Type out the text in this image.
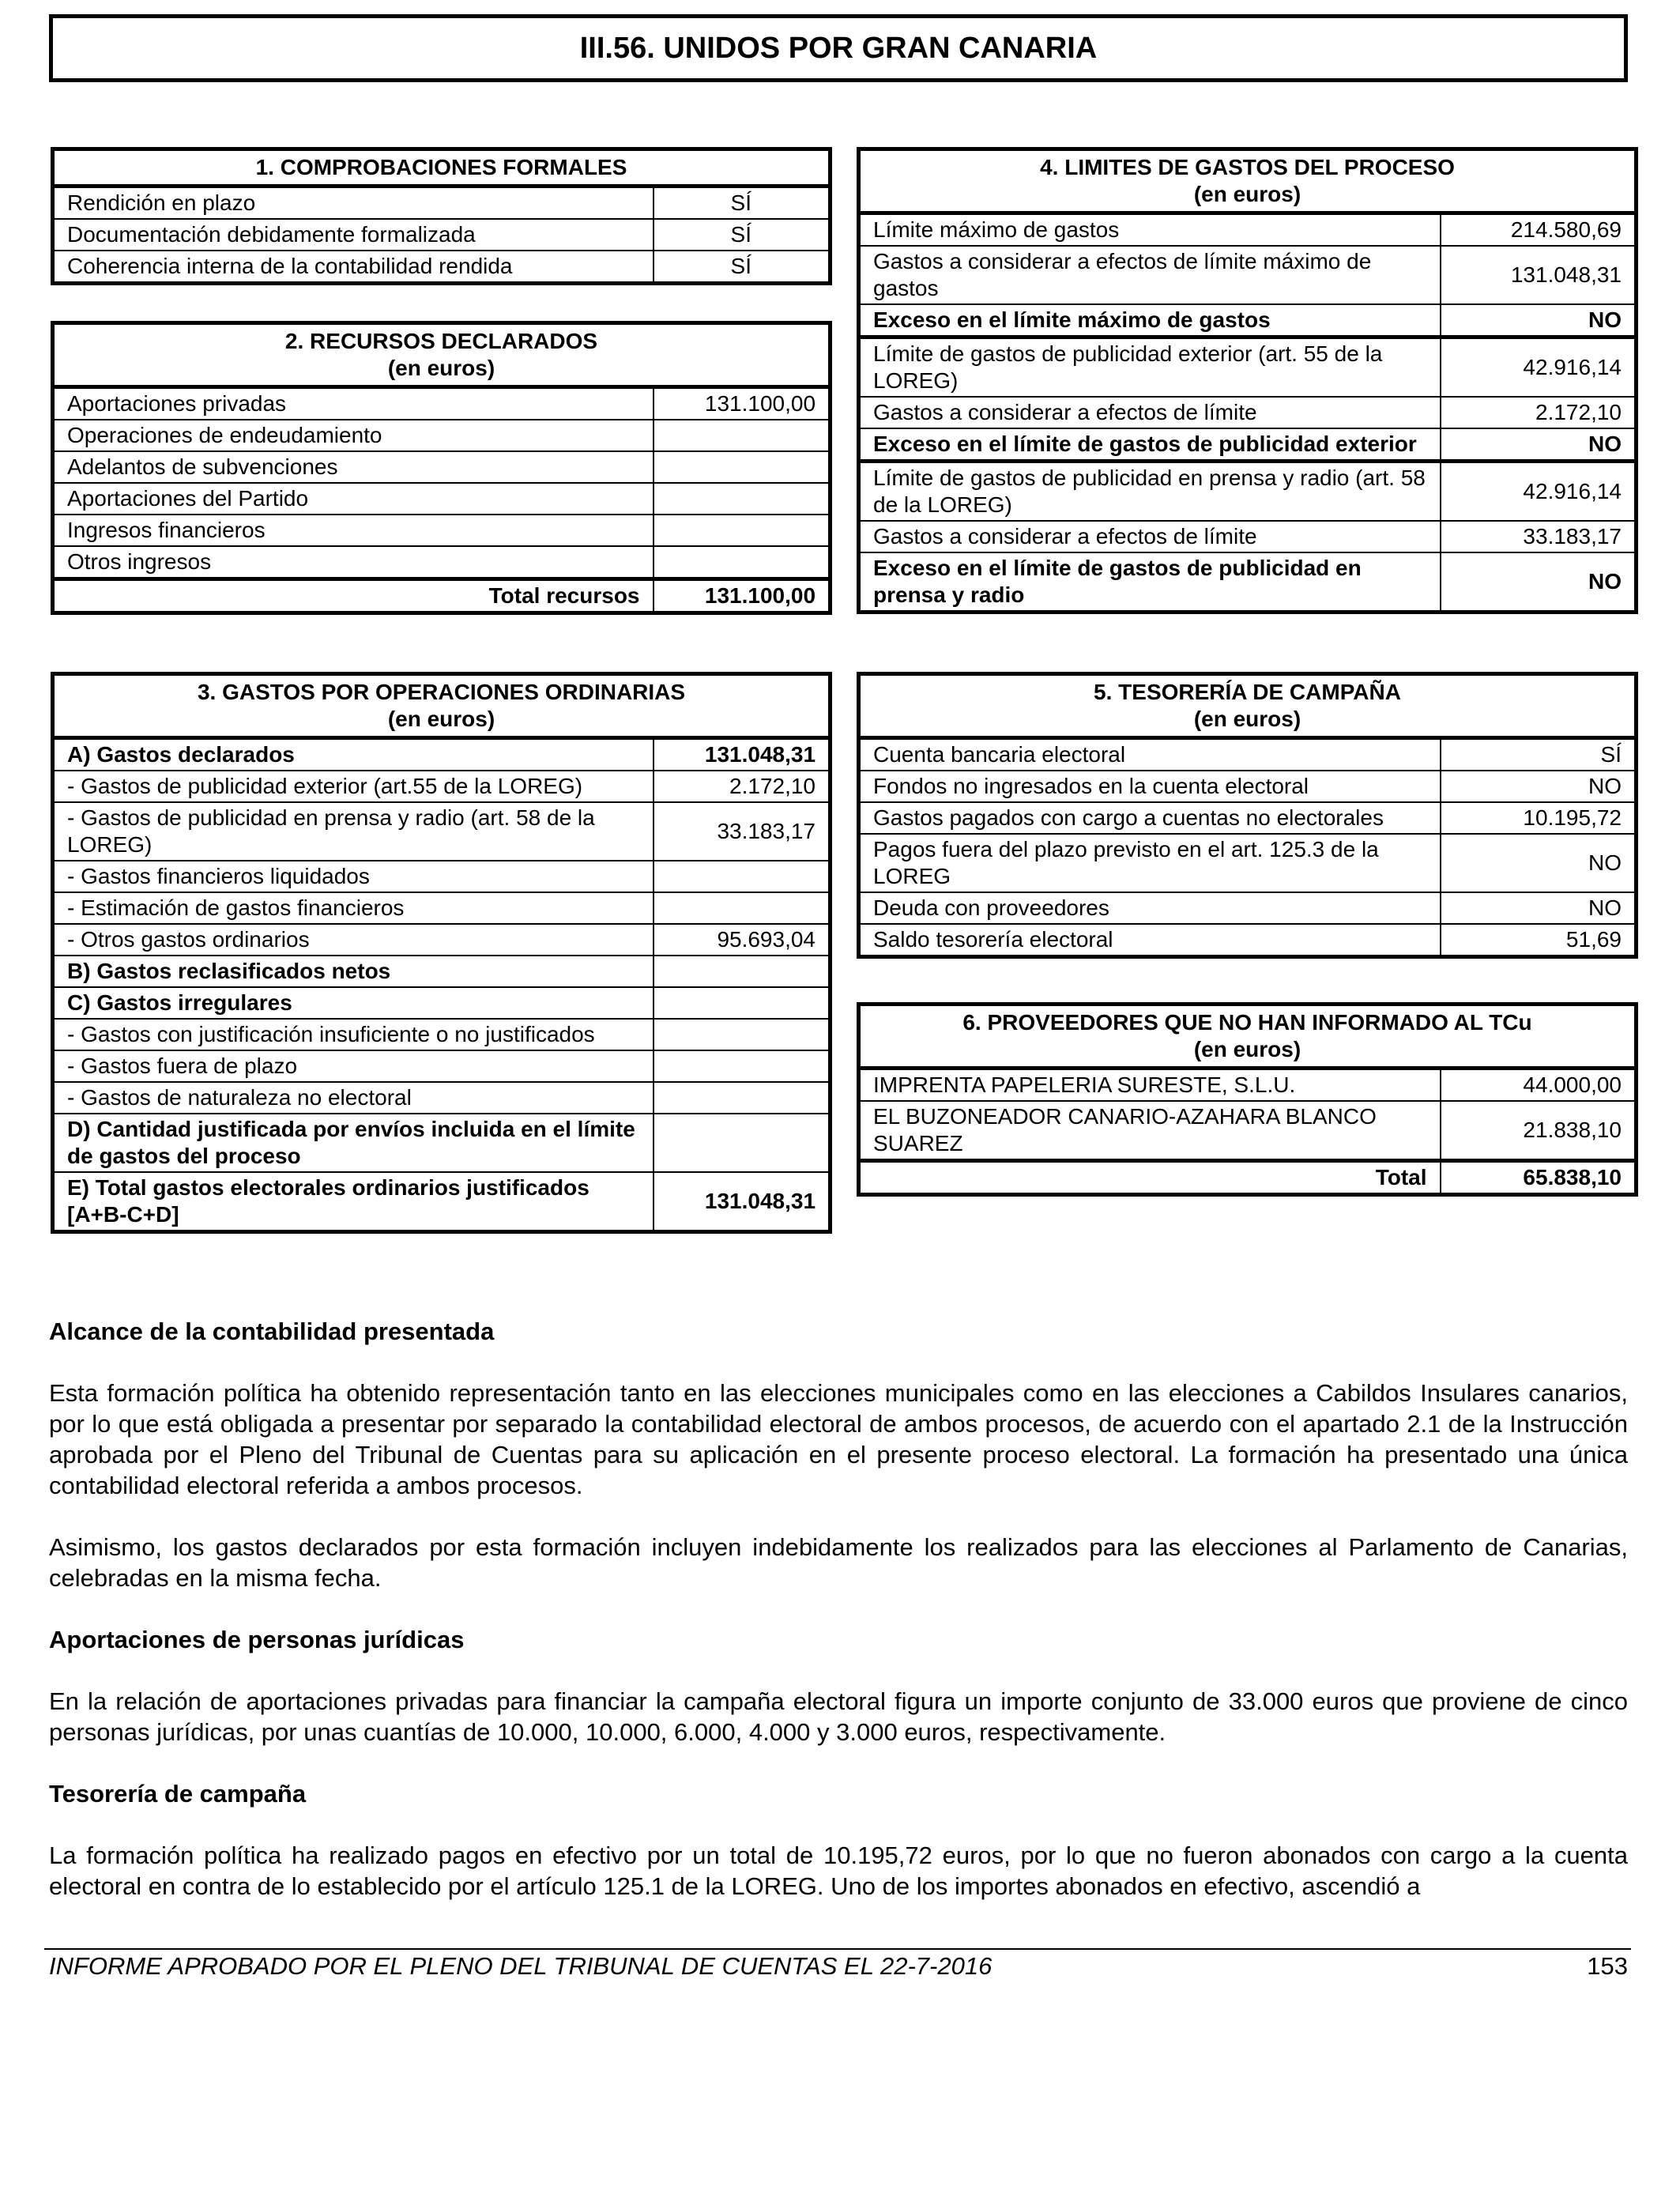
III.56. UNIDOS POR GRAN CANARIA
1. COMPROBACIONES FORMALES	
Rendición en plazo	SÍ
Documentación debidamente formalizada	SÍ
Coherencia interna de la contabilidad rendida	SÍ
2. RECURSOS DECLARADOS
(en euros)	

Aportaciones privadas	131.100,00
Operaciones de endeudamiento	
Adelantos de subvenciones	
Aportaciones del Partido	
Ingresos financieros	
Otros ingresos	
Total recursos	131.100,00
3. GASTOS POR OPERACIONES ORDINARIAS
(en euros)	

A) Gastos declarados	131.048,31
- Gastos de publicidad exterior (art.55 de la LOREG)	2.172,10
- Gastos de publicidad en prensa y radio (art. 58 de la LOREG)	33.183,17
- Gastos financieros liquidados	
- Estimación de gastos financieros	
- Otros gastos ordinarios	95.693,04
B) Gastos reclasificados netos	
C) Gastos irregulares	
- Gastos con justificación insuficiente o no justificados	
- Gastos fuera de plazo	
- Gastos de naturaleza no electoral	
D) Cantidad justificada por envíos incluida en el límite de gastos del proceso	
E) Total gastos electorales ordinarios justificados [A+B-C+D]	131.048,31
4. LIMITES DE GASTOS DEL PROCESO
(en euros)	

Límite máximo de gastos	214.580,69
Gastos a considerar a efectos de límite máximo de gastos	131.048,31
Exceso en el límite máximo de gastos	NO
Límite de gastos de publicidad exterior (art. 55 de la LOREG)	42.916,14
Gastos a considerar a efectos de límite	2.172,10
Exceso en el límite de gastos de publicidad exterior	NO
Límite de gastos de publicidad en prensa y radio (art. 58 de la LOREG)	42.916,14
Gastos a considerar a efectos de límite	33.183,17
Exceso en el límite de gastos de publicidad en prensa y radio	NO
5. TESORERÍA DE CAMPAÑA
(en euros)	

Cuenta bancaria electoral	SÍ
Fondos no ingresados en la cuenta electoral	NO
Gastos pagados con cargo a cuentas no electorales	10.195,72
Pagos fuera del plazo previsto en el art. 125.3 de la LOREG	NO
Deuda con proveedores	NO
Saldo tesorería electoral	51,69
6. PROVEEDORES QUE NO HAN INFORMADO AL TCu
(en euros)	

IMPRENTA PAPELERIA SURESTE, S.L.U.	44.000,00
EL BUZONEADOR CANARIO-AZAHARA BLANCO SUAREZ	21.838,10
Total	65.838,10
Alcance de la contabilidad presentada

Esta formación política ha obtenido representación tanto en las elecciones municipales como en las elecciones a Cabildos Insulares canarios, por lo que está obligada a presentar por separado la contabilidad electoral de ambos procesos, de acuerdo con el apartado 2.1 de la Instrucción aprobada por el Pleno del Tribunal de Cuentas para su aplicación en el presente proceso electoral. La formación ha presentado una única contabilidad electoral referida a ambos procesos.

Asimismo, los gastos declarados por esta formación incluyen indebidamente los realizados para las elecciones al Parlamento de Canarias, celebradas en la misma fecha.

Aportaciones de personas jurídicas

En la relación de aportaciones privadas para financiar la campaña electoral figura un importe conjunto de 33.000 euros que proviene de cinco personas jurídicas, por unas cuantías de 10.000, 10.000, 6.000, 4.000 y 3.000 euros, respectivamente.

Tesorería de campaña

La formación política ha realizado pagos en efectivo por un total de 10.195,72 euros, por lo que no fueron abonados con cargo a la cuenta electoral en contra de lo establecido por el artículo 125.1 de la LOREG. Uno de los importes abonados en efectivo, ascendió a

INFORME APROBADO POR EL PLENO DEL TRIBUNAL DE CUENTAS EL 22-7-2016	153
